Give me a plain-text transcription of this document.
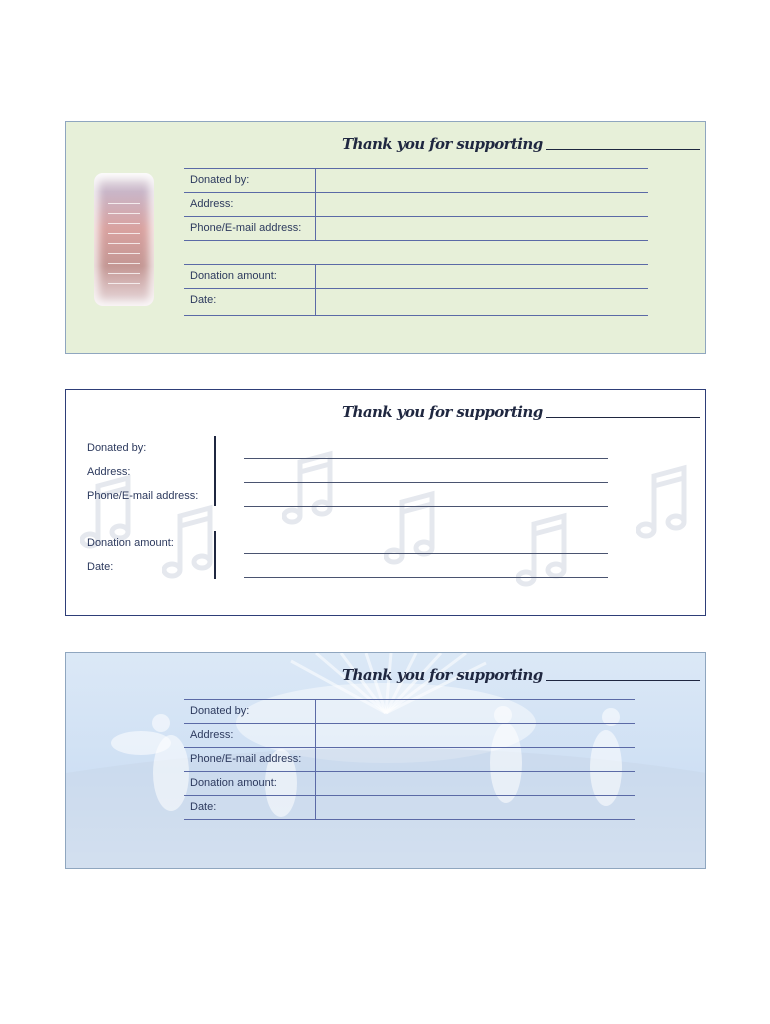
Thank you for supporting
Donated by:
Address:
Phone/E-mail address:
Donation amount:
Date:
Thank you for supporting
Donated by:
Address:
Phone/E-mail address:
Donation amount:
Date:
Thank you for supporting
Donated by:
Address:
Phone/E-mail address:
Donation amount:
Date:
